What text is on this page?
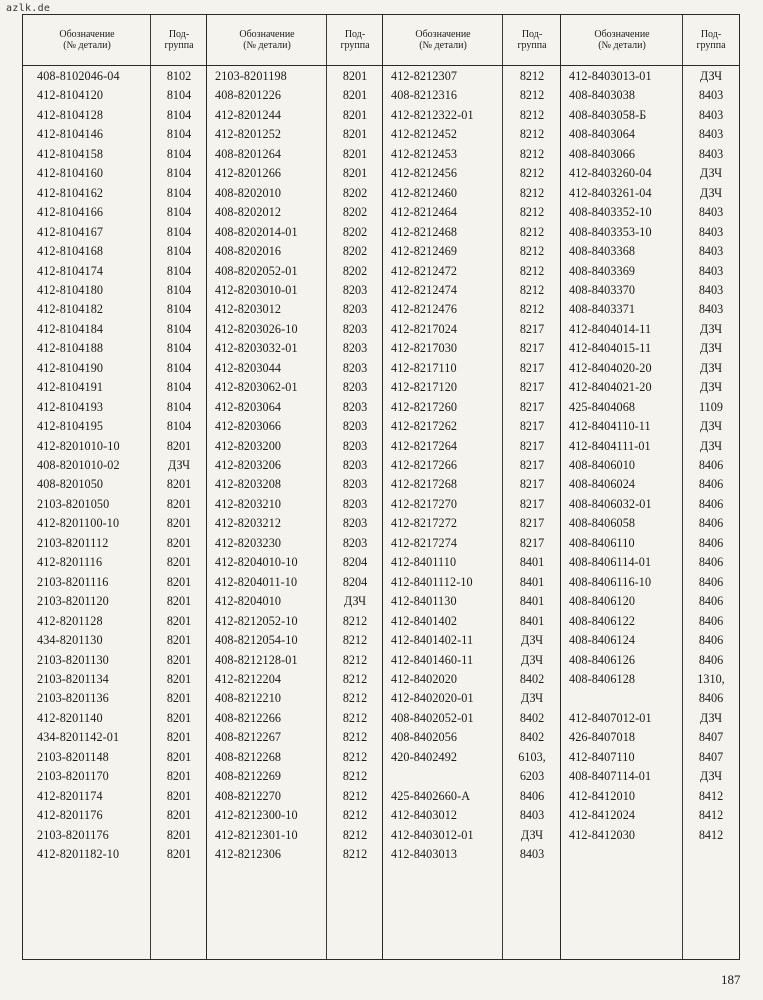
azlk.de
Обозначение
(№ детали)
Под-
группа
Обозначение
(№ детали)
Под-
группа
Обозначение
(№ детали)
Под-
группа
Обозначение
(№ детали)
Под-
группа
408-8102046-04	8102
412-8104120	8104
412-8104128	8104
412-8104146	8104
412-8104158	8104
412-8104160	8104
412-8104162	8104
412-8104166	8104
412-8104167	8104
412-8104168	8104
412-8104174	8104
412-8104180	8104
412-8104182	8104
412-8104184	8104
412-8104188	8104
412-8104190	8104
412-8104191	8104
412-8104193	8104
412-8104195	8104
412-8201010-10	8201
408-8201010-02	ДЗЧ
408-8201050	8201
2103-8201050	8201
412-8201100-10	8201
2103-8201112	8201
412-8201116	8201
2103-8201116	8201
2103-8201120	8201
412-8201128	8201
434-8201130	8201
2103-8201130	8201
2103-8201134	8201
2103-8201136	8201
412-8201140	8201
434-8201142-01	8201
2103-8201148	8201
2103-8201170	8201
412-8201174	8201
412-8201176	8201
2103-8201176	8201
412-8201182-10	8201
2103-8201198	8201
408-8201226	8201
412-8201244	8201
412-8201252	8201
408-8201264	8201
412-8201266	8201
408-8202010	8202
408-8202012	8202
408-8202014-01	8202
408-8202016	8202
408-8202052-01	8202
412-8203010-01	8203
412-8203012	8203
412-8203026-10	8203
412-8203032-01	8203
412-8203044	8203
412-8203062-01	8203
412-8203064	8203
412-8203066	8203
412-8203200	8203
412-8203206	8203
412-8203208	8203
412-8203210	8203
412-8203212	8203
412-8203230	8203
412-8204010-10	8204
412-8204011-10	8204
412-8204010	ДЗЧ
412-8212052-10	8212
408-8212054-10	8212
408-8212128-01	8212
412-8212204	8212
408-8212210	8212
408-8212266	8212
408-8212267	8212
408-8212268	8212
408-8212269	8212
408-8212270	8212
412-8212300-10	8212
412-8212301-10	8212
412-8212306	8212
412-8212307	8212
408-8212316	8212
412-8212322-01	8212
412-8212452	8212
412-8212453	8212
412-8212456	8212
412-8212460	8212
412-8212464	8212
412-8212468	8212
412-8212469	8212
412-8212472	8212
412-8212474	8212
412-8212476	8212
412-8217024	8217
412-8217030	8217
412-8217110	8217
412-8217120	8217
412-8217260	8217
412-8217262	8217
412-8217264	8217
412-8217266	8217
412-8217268	8217
412-8217270	8217
412-8217272	8217
412-8217274	8217
412-8401110	8401
412-8401112-10	8401
412-8401130	8401
412-8401402	8401
412-8401402-11	ДЗЧ
412-8401460-11	ДЗЧ
412-8402020	8402
412-8402020-01	ДЗЧ
408-8402052-01	8402
408-8402056	8402
420-8402492	6103,
6203
425-8402660-А	8406
412-8403012	8403
412-8403012-01	ДЗЧ
412-8403013	8403
412-8403013-01	ДЗЧ
408-8403038	8403
408-8403058-Б	8403
408-8403064	8403
408-8403066	8403
412-8403260-04	ДЗЧ
412-8403261-04	ДЗЧ
408-8403352-10	8403
408-8403353-10	8403
408-8403368	8403
408-8403369	8403
408-8403370	8403
408-8403371	8403
412-8404014-11	ДЗЧ
412-8404015-11	ДЗЧ
412-8404020-20	ДЗЧ
412-8404021-20	ДЗЧ
425-8404068	1109
412-8404110-11	ДЗЧ
412-8404111-01	ДЗЧ
408-8406010	8406
408-8406024	8406
408-8406032-01	8406
408-8406058	8406
408-8406110	8406
408-8406114-01	8406
408-8406116-10	8406
408-8406120	8406
408-8406122	8406
408-8406124	8406
408-8406126	8406
408-8406128	1310,
8406
412-8407012-01	ДЗЧ
426-8407018	8407
412-8407110	8407
408-8407114-01	ДЗЧ
412-8412010	8412
412-8412024	8412
412-8412030	8412
187
